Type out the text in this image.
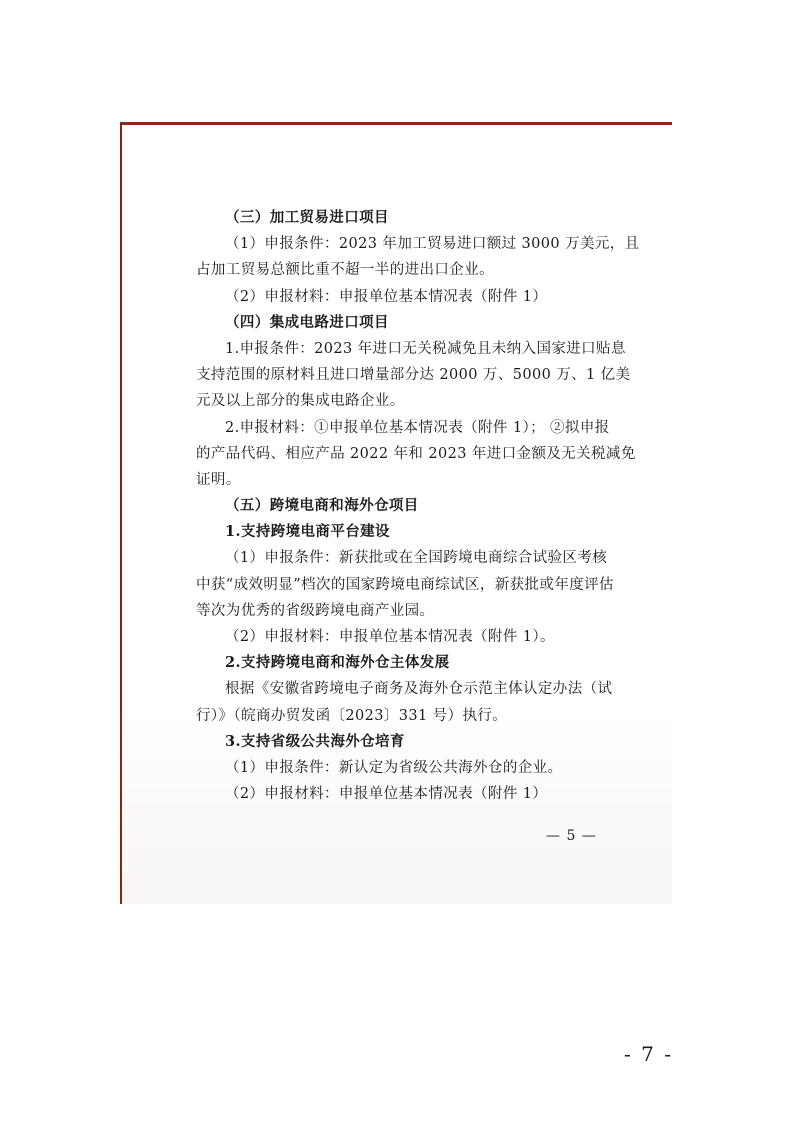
（三）加工贸易进口项目
（1）申报条件：2023 年加工贸易进口额过 3000 万美元，且
占加工贸易总额比重不超一半的进出口企业。
（2）申报材料：申报单位基本情况表（附件 1）
（四）集成电路进口项目
1.申报条件：2023 年进口无关税减免且未纳入国家进口贴息
支持范围的原材料且进口增量部分达 2000 万、5000 万、1 亿美
元及以上部分的集成电路企业。
2.申报材料：①申报单位基本情况表（附件 1）； ②拟申报
的产品代码、相应产品 2022 年和 2023 年进口金额及无关税减免
证明。
（五）跨境电商和海外仓项目
1.支持跨境电商平台建设
（1）申报条件：新获批或在全国跨境电商综合试验区考核
中获“成效明显”档次的国家跨境电商综试区，新获批或年度评估
等次为优秀的省级跨境电商产业园。
（2）申报材料：申报单位基本情况表（附件 1）。
2.支持跨境电商和海外仓主体发展
根据《安徽省跨境电子商务及海外仓示范主体认定办法（试
行）》（皖商办贸发函〔2023〕331 号）执行。
3.支持省级公共海外仓培育
（1）申报条件：新认定为省级公共海外仓的企业。
（2）申报材料：申报单位基本情况表（附件 1）
— 5 —
- 7 -
